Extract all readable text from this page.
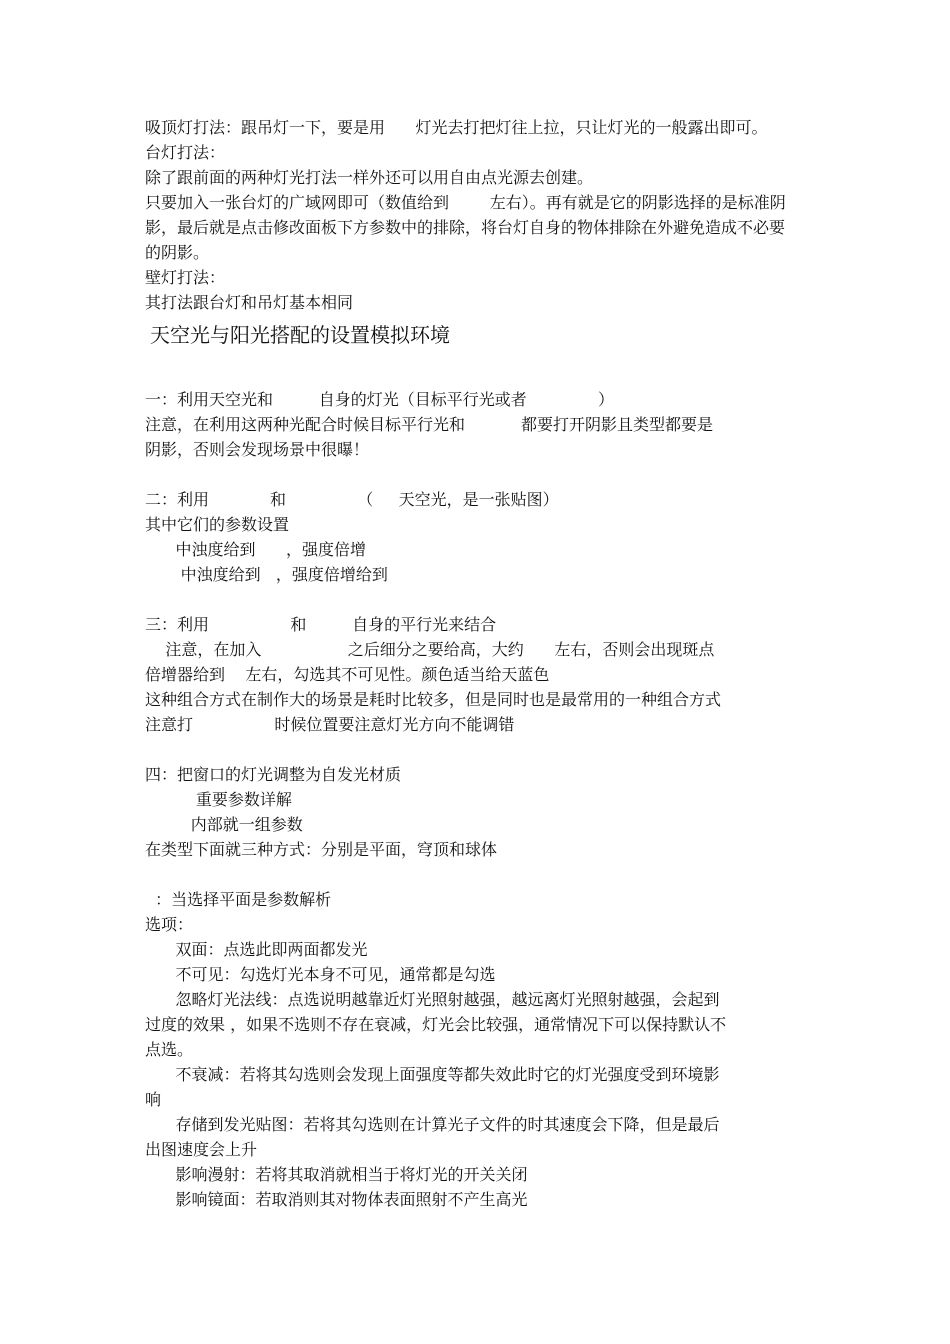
吸顶灯打法：跟吊灯一下，要是用      灯光去打把灯往上拉，只让灯光的一般露出即可。
台灯打法：
除了跟前面的两种灯光打法一样外还可以用自由点光源去创建。
只要加入一张台灯的广域网即可（数值给到        左右）。再有就是它的阴影选择的是标准阴
影，最后就是点击修改面板下方参数中的排除，将台灯自身的物体排除在外避免造成不必要
的阴影。
壁灯打法：
其打法跟台灯和吊灯基本相同
天空光与阳光搭配的设置模拟环境
一：利用天空光和         自身的灯光（目标平行光或者              ）
注意，在利用这两种光配合时候目标平行光和           都要打开阴影且类型都要是
阴影，否则会发现场景中很曝！
二：利用            和              （     天空光，是一张贴图）
其中它们的参数设置
中浊度给到      ，强度倍增
中浊度给到   ，强度倍增给到
三：利用                和         自身的平行光来结合
注意，在加入                 之后细分之要给高，大约      左右，否则会出现斑点
倍增器给到    左右，勾选其不可见性。颜色适当给天蓝色
这种组合方式在制作大的场景是耗时比较多，但是同时也是最常用的一种组合方式
注意打                时候位置要注意灯光方向不能调错
四：把窗口的灯光调整为自发光材质
重要参数详解
内部就一组参数
在类型下面就三种方式：分别是平面，穹顶和球体
：当选择平面是参数解析
选项：
双面：点选此即两面都发光
不可见：勾选灯光本身不可见，通常都是勾选
忽略灯光法线：点选说明越靠近灯光照射越强，越远离灯光照射越强，会起到
过度的效果 ，如果不选则不存在衰减，灯光会比较强，通常情况下可以保持默认不
点选。
不衰减：若将其勾选则会发现上面强度等都失效此时它的灯光强度受到环境影
响
存储到发光贴图：若将其勾选则在计算光子文件的时其速度会下降，但是最后
出图速度会上升
影响漫射：若将其取消就相当于将灯光的开关关闭
影响镜面：若取消则其对物体表面照射不产生高光
